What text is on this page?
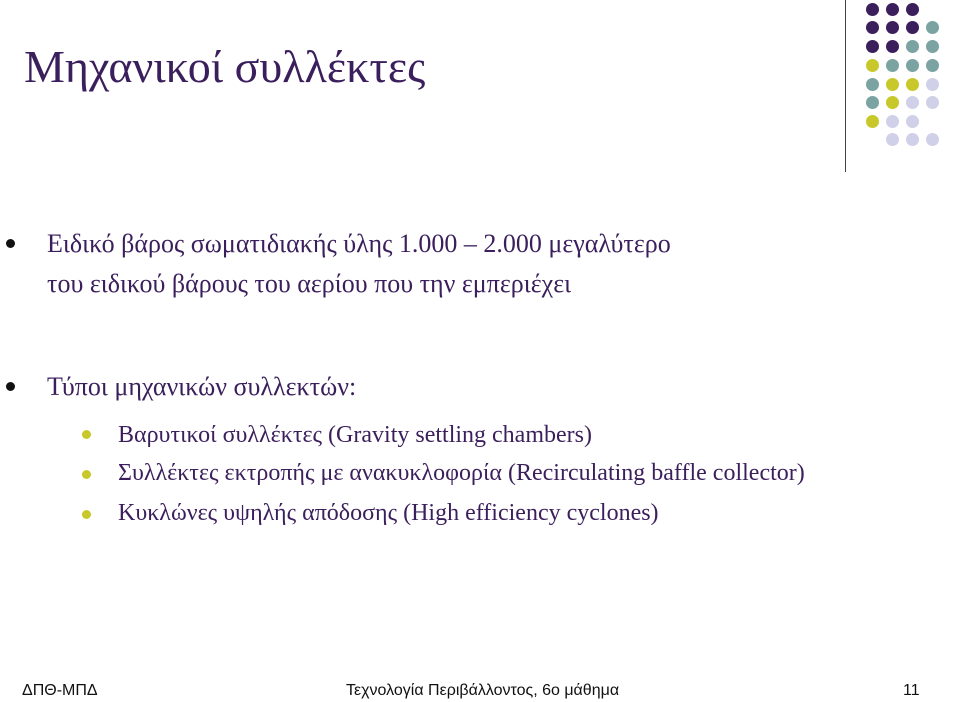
Μηχανικοί συλλέκτες
Ειδικό βάρος σωματιδιακής ύλης 1.000 – 2.000 μεγαλύτερο
του ειδικού βάρους του αερίου που την εμπεριέχει
Τύποι μηχανικών συλλεκτών:
Βαρυτικοί συλλέκτες (Gravity settling chambers)
Συλλέκτες εκτροπής με ανακυκλοφορία (Recirculating baffle collector)
Κυκλώνες υψηλής απόδοσης (High efficiency cyclones)
ΔΠΘ-ΜΠΔ	Τεχνολογία Περιβάλλοντος, 6ο μάθημα	11
